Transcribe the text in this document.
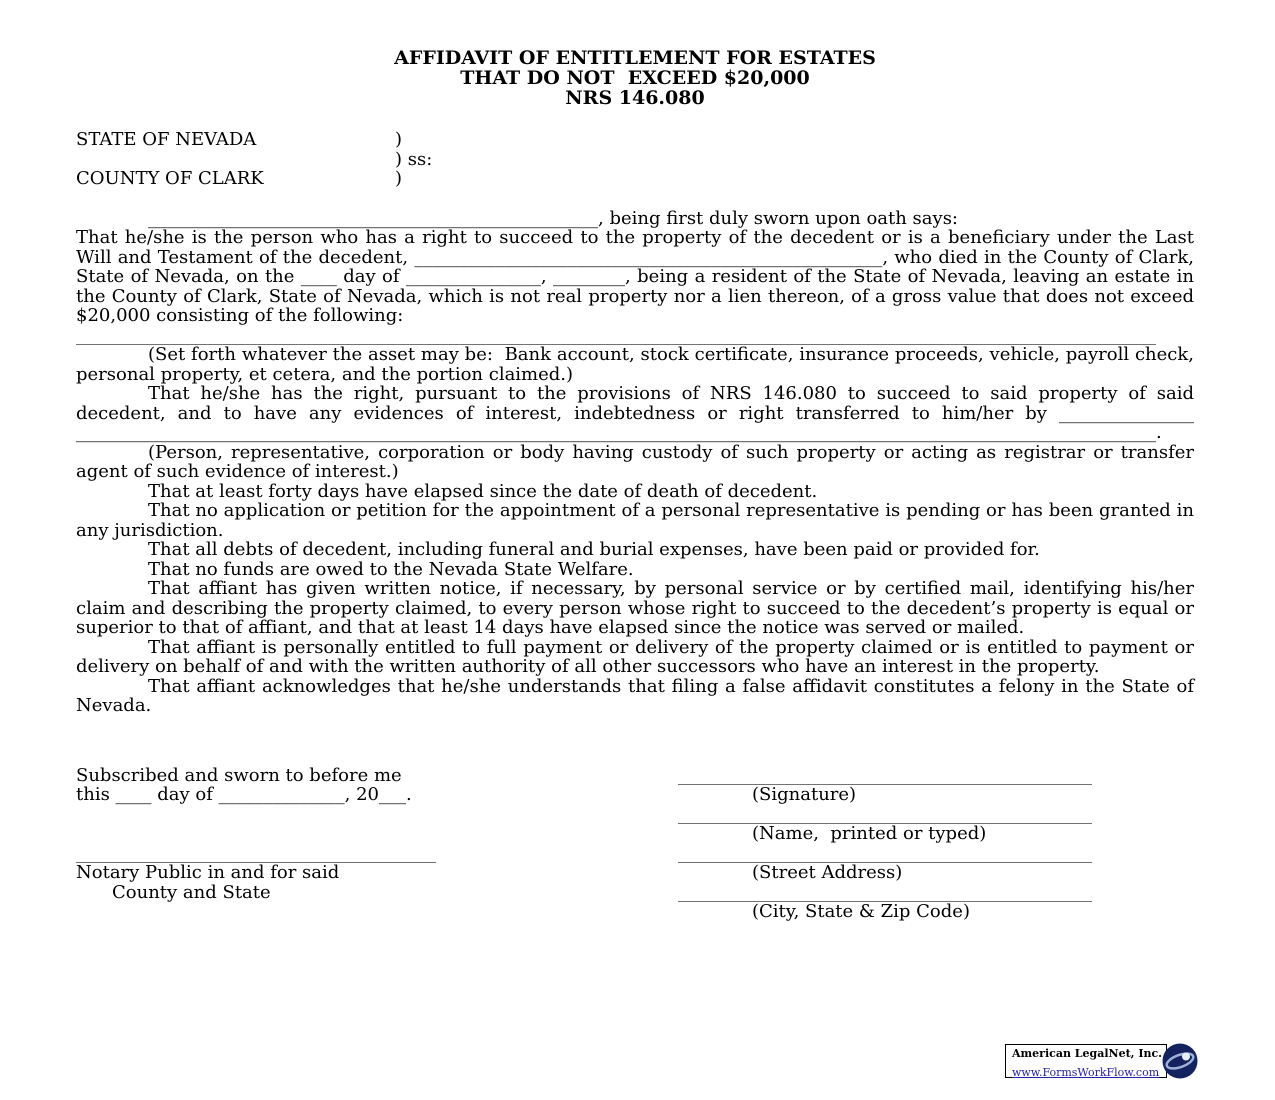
AFFIDAVIT OF ENTITLEMENT FOR ESTATES
THAT DO NOT  EXCEED $20,000
NRS 146.080
STATE OF NEVADA	)
) ss:
COUNTY OF CLARK	)

__________________________________________________, being first duly sworn upon oath says:

That he/she is the person who has a right to succeed to the property of the decedent or is a beneficiary under the Last Will and Testament of the decedent, ____________________________________________________, who died in the County of Clark, State of Nevada, on the ____ day of _______________, ________, being a resident of the State of Nevada, leaving an estate in the County of Clark, State of Nevada, which is not real property nor a lien thereon, of a gross value that does not exceed $20,000 consisting of the following:

________________________________________________________________________________________________________________________

(Set forth whatever the asset may be:  Bank account, stock certificate, insurance proceeds, vehicle, payroll check, personal property, et cetera, and the portion claimed.)

That he/she has the right, pursuant to the provisions of NRS 146.080 to succeed to said property of said decedent, and to have any evidences of interest, indebtedness or right transferred to him/her by _______________ ________________________________________________________________________________________________________________________.

(Person, representative, corporation or body having custody of such property or acting as registrar or transfer agent of such evidence of interest.)

That at least forty days have elapsed since the date of death of decedent.

That no application or petition for the appointment of a personal representative is pending or has been granted in any jurisdiction.

That all debts of decedent, including funeral and burial expenses, have been paid or provided for.

That no funds are owed to the Nevada State Welfare.

That affiant has given written notice, if necessary, by personal service or by certified mail, identifying his/her claim and describing the property claimed, to every person whose right to succeed to the decedent’s property is equal or superior to that of affiant, and that at least 14 days have elapsed since the notice was served or mailed.

That affiant is personally entitled to full payment or delivery of the property claimed or is entitled to payment or delivery on behalf of and with the written authority of all other successors who have an interest in the property.

That affiant acknowledges that he/she understands that filing a false affidavit constitutes a felony in the State of Nevada.

Subscribed and sworn to before me
this ____ day of ______________, 20___.
________________________________________
Notary Public in and for said
County and State
______________________________________________
(Signature)
______________________________________________
(Name,  printed or typed)
______________________________________________
(Street Address)
______________________________________________
(City, State & Zip Code)
American LegalNet, Inc.
www.FormsWorkFlow.com
